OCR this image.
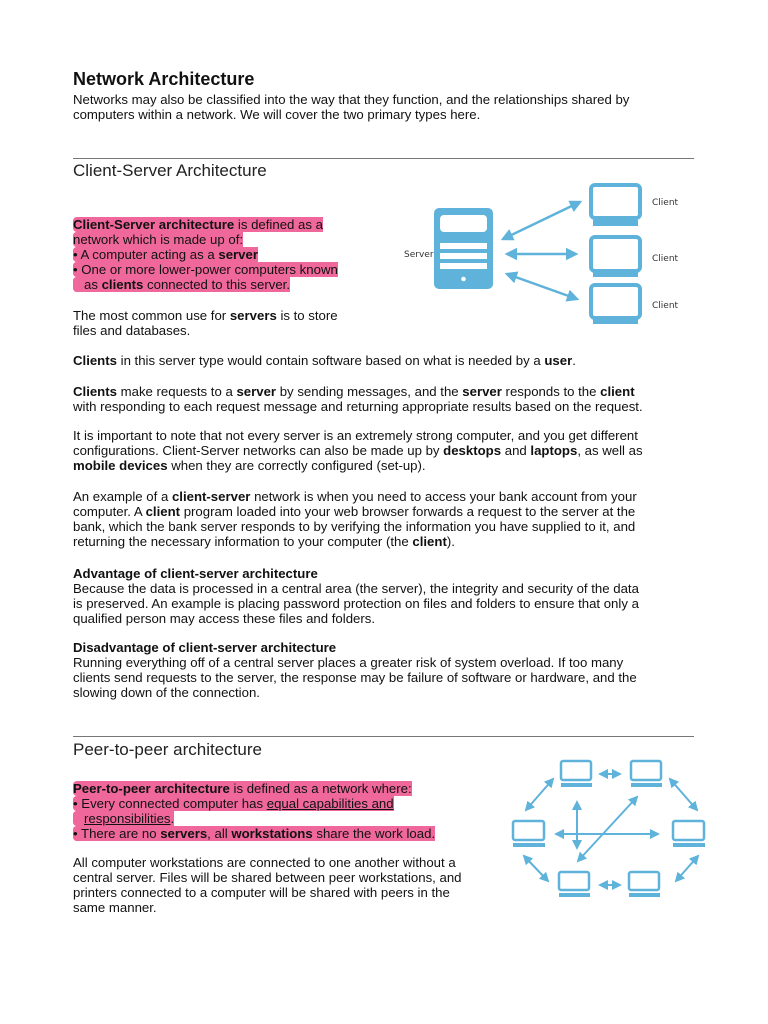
Network Architecture
Networks may also be classified into the way that they function, and the relationships shared by
computers within a network. We will cover the two primary types here.
Client-Server Architecture
Client-Server architecture is defined as a
network which is made up of:
• A computer acting as a server
• One or more lower-power computers known
as clients connected to this server.
Server
Client
Client
Client
The most common use for servers is to store
files and databases.
Clients in this server type would contain software based on what is needed by a user.
Clients make requests to a server by sending messages, and the server responds to the client
with responding to each request message and returning appropriate results based on the request.
It is important to note that not every server is an extremely strong computer, and you get different
configurations. Client-Server networks can also be made up by desktops and laptops, as well as
mobile devices when they are correctly configured (set-up).
An example of a client-server network is when you need to access your bank account from your
computer. A client program loaded into your web browser forwards a request to the server at the
bank, which the bank server responds to by verifying the information you have supplied to it, and
returning the necessary information to your computer (the client).
Advantage of client-server architecture
Because the data is processed in a central area (the server), the integrity and security of the data
is preserved. An example is placing password protection on files and folders to ensure that only a
qualified person may access these files and folders.
Disadvantage of client-server architecture
Running everything off of a central server places a greater risk of system overload. If too many
clients send requests to the server, the response may be failure of software or hardware, and the
slowing down of the connection.
Peer-to-peer architecture
Peer-to-peer architecture is defined as a network where:
• Every connected computer has equal capabilities and
responsibilities.
• There are no servers, all workstations share the work load.
All computer workstations are connected to one another without a
central server. Files will be shared between peer workstations, and
printers connected to a computer will be shared with peers in the
same manner.
